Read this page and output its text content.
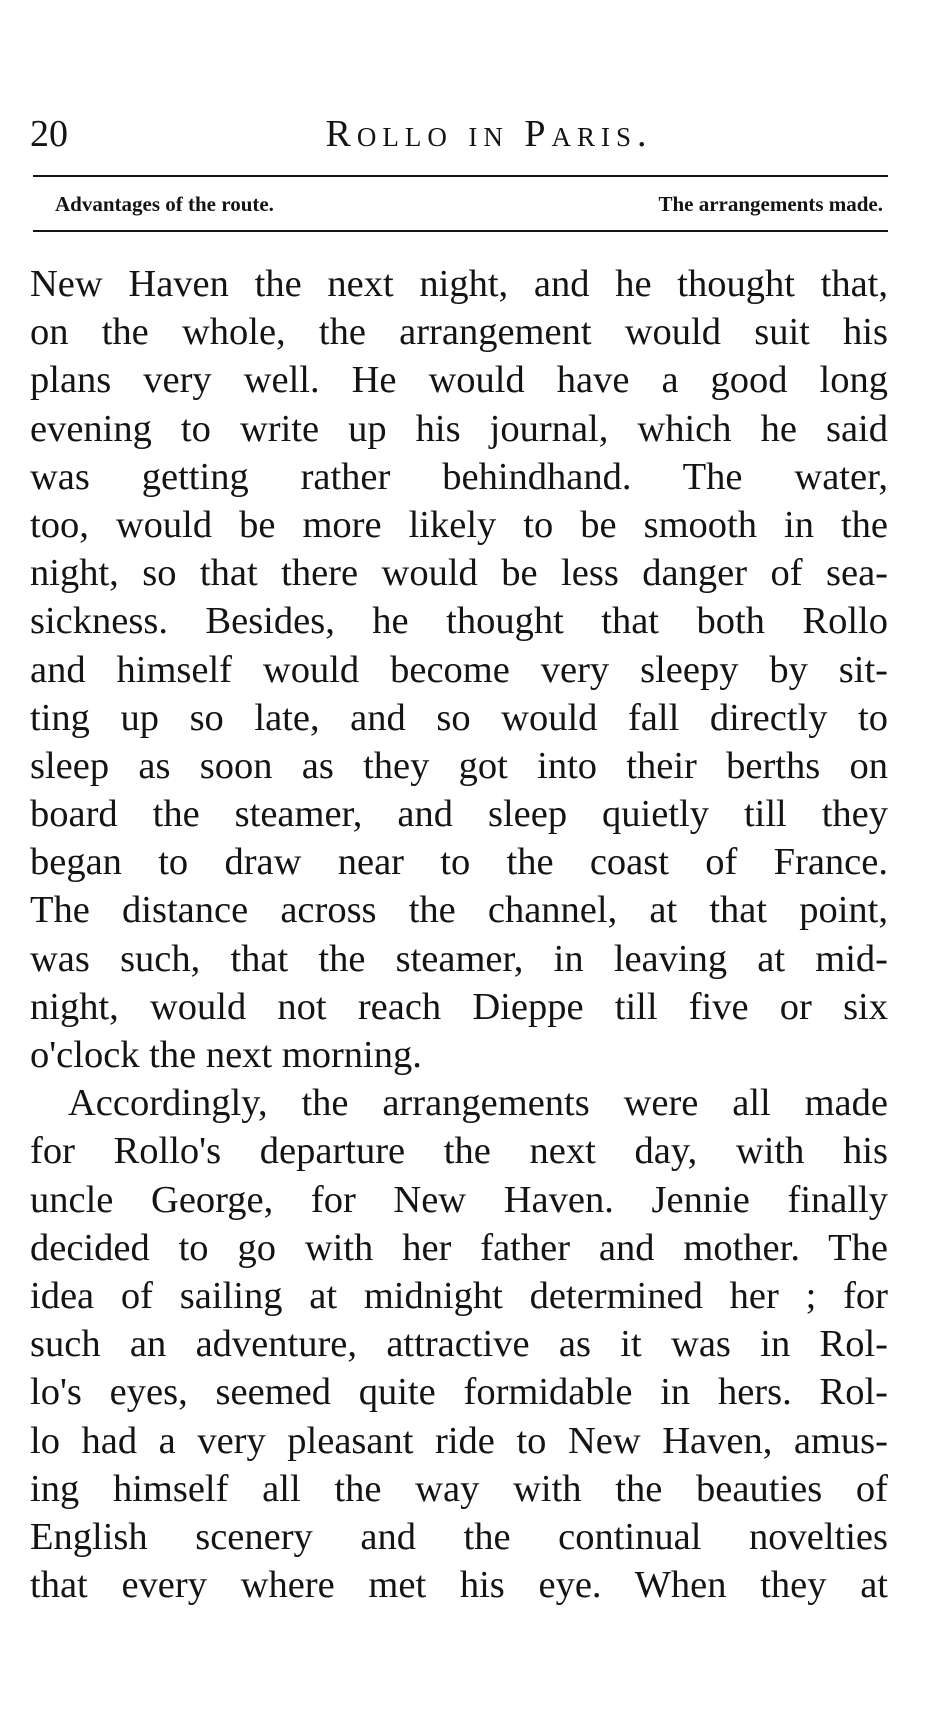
20	Rollo in Paris.
Advantages of the route.	The arrangements made.
New Haven the next night, and he thought that,
on the whole, the arrangement would suit his
plans very well. He would have a good long
evening to write up his journal, which he said
was getting rather behindhand. The water,
too, would be more likely to be smooth in the
night, so that there would be less danger of sea-
sickness. Besides, he thought that both Rollo
and himself would become very sleepy by sit-
ting up so late, and so would fall directly to
sleep as soon as they got into their berths on
board the steamer, and sleep quietly till they
began to draw near to the coast of France.
The distance across the channel, at that point,
was such, that the steamer, in leaving at mid-
night, would not reach Dieppe till five or six
o'clock the next morning.
Accordingly, the arrangements were all made
for Rollo's departure the next day, with his
uncle George, for New Haven. Jennie finally
decided to go with her father and mother. The
idea of sailing at midnight determined her ; for
such an adventure, attractive as it was in Rol-
lo's eyes, seemed quite formidable in hers. Rol-
lo had a very pleasant ride to New Haven, amus-
ing himself all the way with the beauties of
English scenery and the continual novelties
that every where met his eye. When they at
